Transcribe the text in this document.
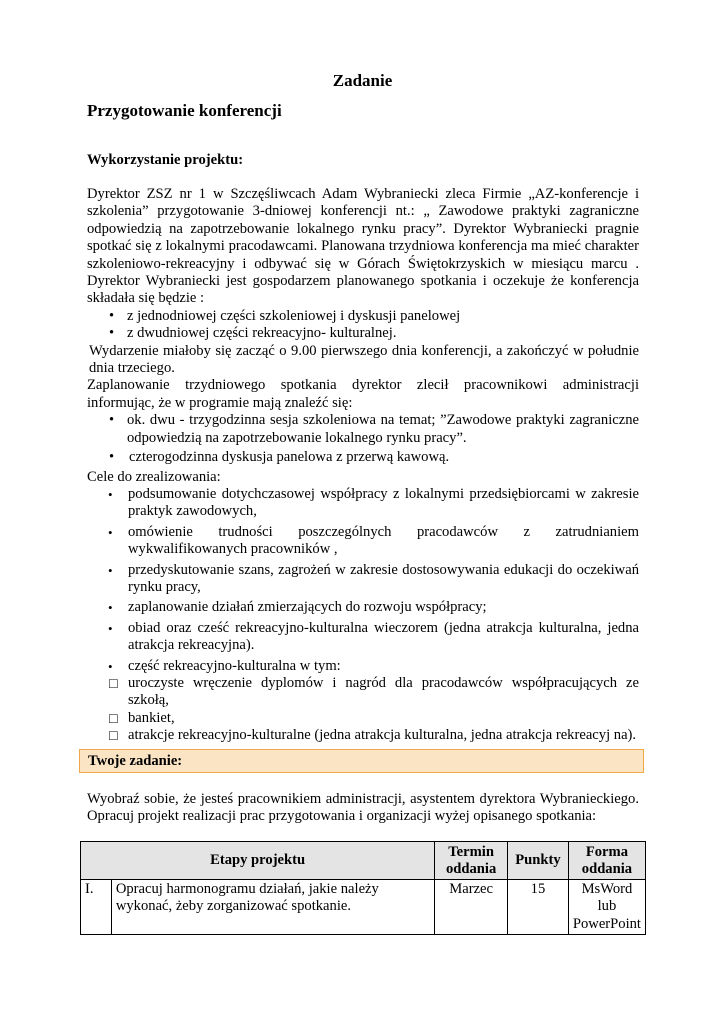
Zadanie
Przygotowanie konferencji

Wykorzystanie projektu:

Dyrektor ZSZ nr 1 w Szczęśliwcach Adam Wybraniecki zleca Firmie „AZ-konferencje i szkolenia” przygotowanie 3-dniowej konferencji nt.: „ Zawodowe praktyki zagraniczne odpowiedzią na zapotrzebowanie lokalnego rynku pracy”. Dyrektor Wybraniecki pragnie spotkać się z lokalnymi pracodawcami. Planowana trzydniowa konferencja ma mieć charakter szkoleniowo-rekreacyjny i odbywać się w Górach Świętokrzyskich w miesiącu marcu . Dyrektor Wybraniecki jest gospodarzem planowanego spotkania i oczekuje że konferencja składała się będzie :

• z jednodniowej części szkoleniowej i dyskusji panelowej
• z dwudniowej części rekreacyjno- kulturalnej.

Wydarzenie miałoby się zacząć o 9.00 pierwszego dnia konferencji, a zakończyć w południe dnia trzeciego.

Zaplanowanie trzydniowego spotkania dyrektor zlecił pracownikowi administracji informując, że w programie mają znaleźć się:

• ok. dwu - trzygodzinna sesja szkoleniowa na temat; ”Zawodowe praktyki zagraniczne odpowiedzią na zapotrzebowanie lokalnego rynku pracy”.
• czterogodzinna dyskusja panelowa z przerwą kawową.

Cele do zrealizowania:

• podsumowanie dotychczasowej współpracy z lokalnymi przedsiębiorcami w zakresie praktyk zawodowych,
• omówienie trudności poszczególnych pracodawców z zatrudnianiem wykwalifikowanych pracowników ,
• przedyskutowanie szans, zagrożeń w zakresie dostosowywania edukacji do oczekiwań rynku pracy,
• zaplanowanie działań zmierzających do rozwoju współpracy;
• obiad oraz cześć rekreacyjno-kulturalna wieczorem (jedna atrakcja kulturalna, jedna atrakcja rekreacyjna).
• część rekreacyjno-kulturalna w tym:
☐ uroczyste wręczenie dyplomów i nagród dla pracodawców współpracujących ze szkołą,
☐ bankiet,
☐ atrakcje rekreacyjno-kulturalne (jedna atrakcja kulturalna, jedna atrakcja rekreacyj na).
Twoje zadanie:

Wyobraź sobie, że jesteś pracownikiem administracji, asystentem dyrektora Wybranieckiego. Opracuj projekt realizacji prac przygotowania i organizacji wyżej opisanego spotkania:

Etapy projektu		Termin oddania	Punkty	Forma oddania
I.	Opracuj harmonogramu działań, jakie należy wykonać, żeby zorganizować spotkanie.	Marzec	15	MsWord lub PowerPoint
